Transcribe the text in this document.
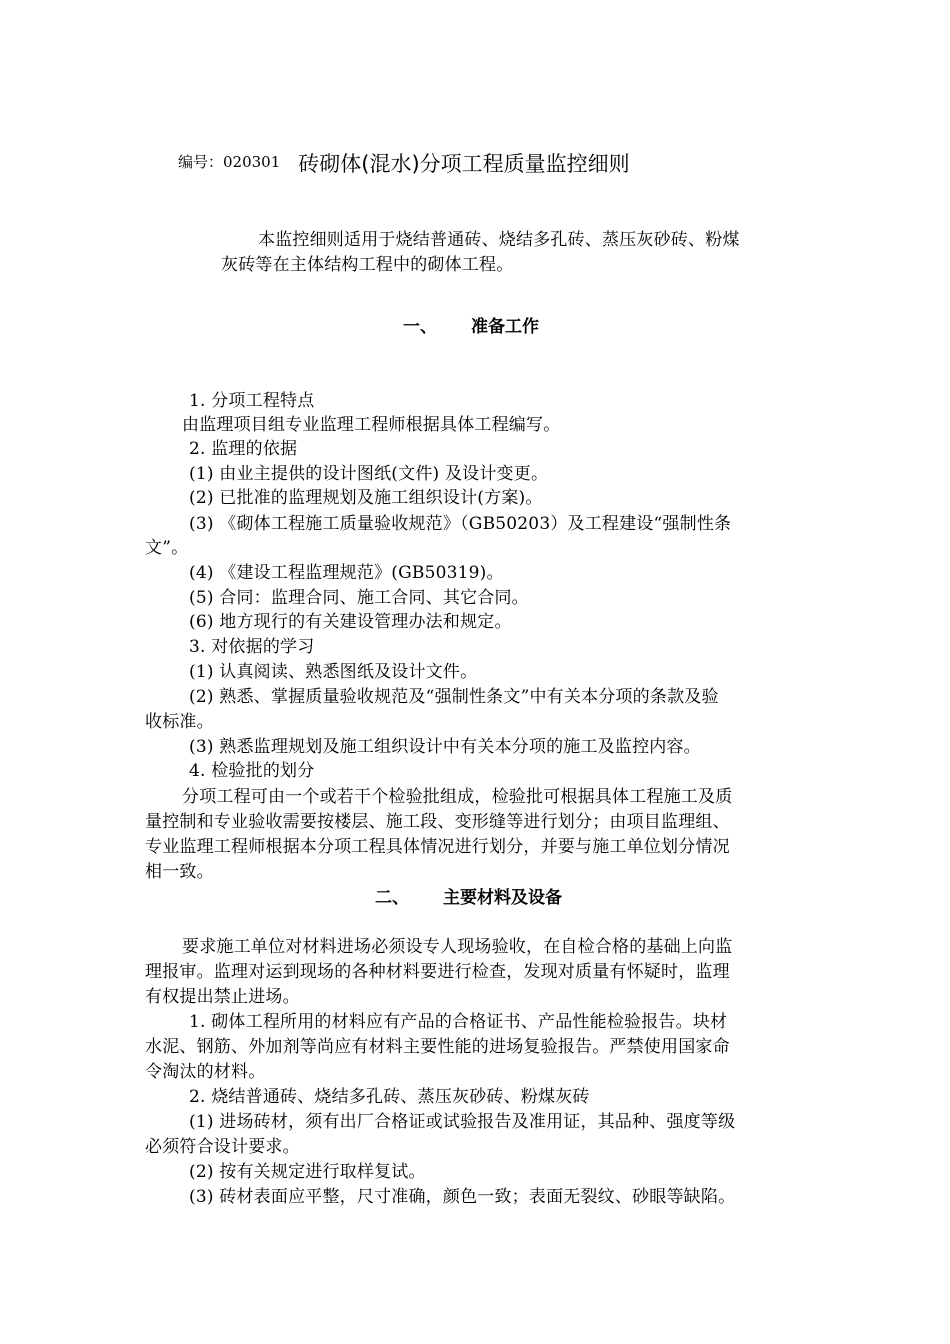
编号：020301 砖砌体(混水)分项工程质量监控细则
本监控细则适用于烧结普通砖、烧结多孔砖、蒸压灰砂砖、粉煤
灰砖等在主体结构工程中的砌体工程。
一、 准备工作
1. 分项工程特点
由监理项目组专业监理工程师根据具体工程编写。
2. 监理的依据
(1) 由业主提供的设计图纸(文件) 及设计变更。
(2) 已批准的监理规划及施工组织设计(方案)。
(3) 《砌体工程施工质量验收规范》（GB50203）及工程建设“强制性条
文”。
(4) 《建设工程监理规范》(GB50319)。
(5) 合同：监理合同、施工合同、其它合同。
(6) 地方现行的有关建设管理办法和规定。
3. 对依据的学习
(1) 认真阅读、熟悉图纸及设计文件。
(2) 熟悉、掌握质量验收规范及“强制性条文”中有关本分项的条款及验
收标准。
(3) 熟悉监理规划及施工组织设计中有关本分项的施工及监控内容。
4. 检验批的划分
分项工程可由一个或若干个检验批组成，检验批可根据具体工程施工及质
量控制和专业验收需要按楼层、施工段、变形缝等进行划分；由项目监理组、
专业监理工程师根据本分项工程具体情况进行划分，并要与施工单位划分情况
相一致。
二、 主要材料及设备
要求施工单位对材料进场必须设专人现场验收，在自检合格的基础上向监
理报审。监理对运到现场的各种材料要进行检查，发现对质量有怀疑时，监理
有权提出禁止进场。
1. 砌体工程所用的材料应有产品的合格证书、产品性能检验报告。块材
水泥、钢筋、外加剂等尚应有材料主要性能的进场复验报告。严禁使用国家命
令淘汰的材料。
2. 烧结普通砖、烧结多孔砖、蒸压灰砂砖、粉煤灰砖
(1) 进场砖材，须有出厂合格证或试验报告及准用证，其品种、强度等级
必须符合设计要求。
(2) 按有关规定进行取样复试。
(3) 砖材表面应平整，尺寸准确，颜色一致；表面无裂纹、砂眼等缺陷。
